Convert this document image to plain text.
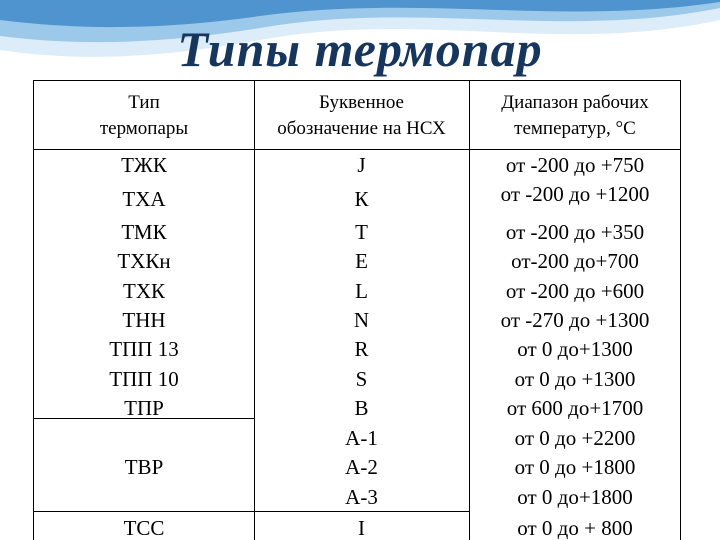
Типы термопар
Тип
термопары
Буквенное
обозначение на НСХ
Диапазон рабочих
температур, °С
ТЖК
ТХА
ТМК
ТХКн
ТХК
ТНН
ТПП 13
ТПП 10
ТПР
ТВР
ТСС
J
К
Т
Е
L
N
R
S
В
А-1
А-2
А-3
I
от -200 до +750
от -200 до +1200
от -200 до +350
от-200 до+700
от -200 до +600
от -270 до +1300
от 0 до+1300
от 0 до +1300
от 600 до+1700
от 0 до +2200
от 0 до +1800
от 0 до+1800
от 0 до + 800
